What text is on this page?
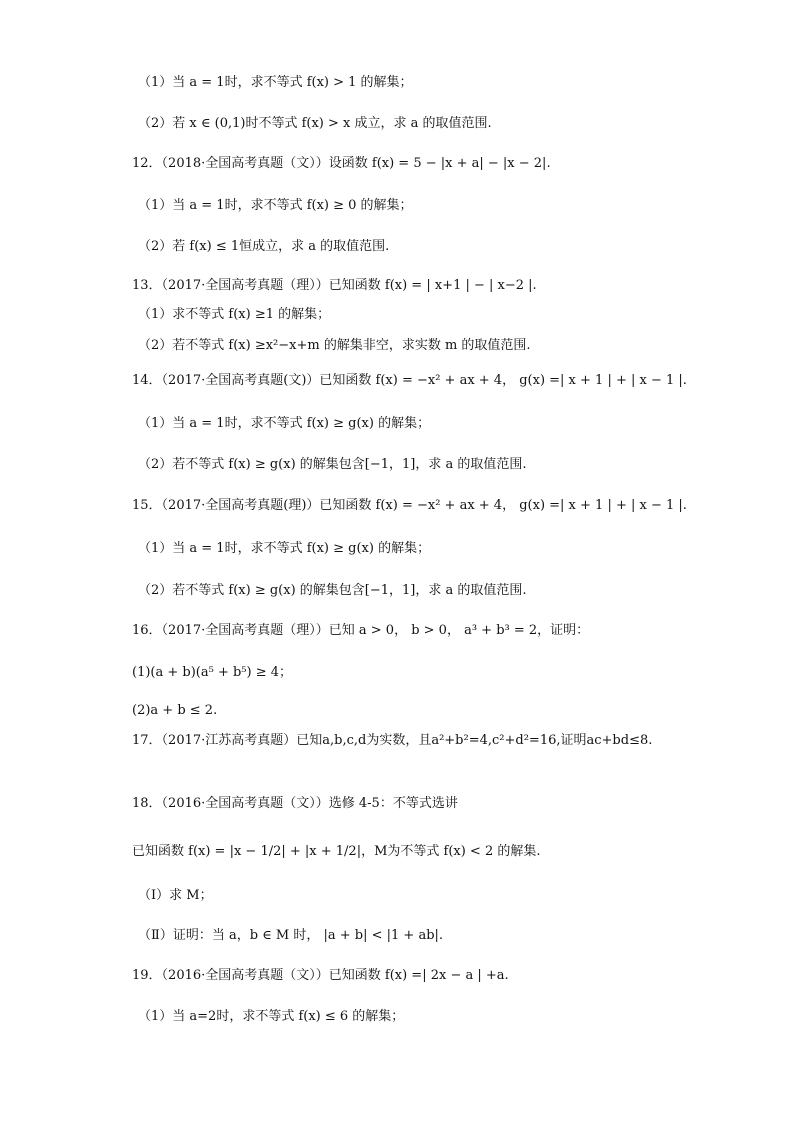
（1）当 a = 1时，求不等式 f(x) > 1 的解集；
（2）若 x ∈ (0,1)时不等式 f(x) > x 成立，求 a 的取值范围.
12．（2018·全国高考真题（文））设函数 f(x) = 5 − |x + a| − |x − 2|.
（1）当 a = 1时，求不等式 f(x) ≥ 0 的解集；
（2）若 f(x) ≤ 1恒成立，求 a 的取值范围.
13．（2017·全国高考真题（理））已知函数 f(x) = | x+1 | − | x−2 |.
（1）求不等式 f(x) ≥1 的解集；
（2）若不等式 f(x) ≥x²−x+m 的解集非空，求实数 m 的取值范围.
14．（2017·全国高考真题(文)）已知函数 f(x) = −x² + ax + 4， g(x) =| x + 1 | + | x − 1 |.
（1）当 a = 1时，求不等式 f(x) ≥ g(x) 的解集；
（2）若不等式 f(x) ≥ g(x) 的解集包含[−1，1]，求 a 的取值范围.
15．（2017·全国高考真题(理)）已知函数 f(x) = −x² + ax + 4， g(x) =| x + 1 | + | x − 1 |.
（1）当 a = 1时，求不等式 f(x) ≥ g(x) 的解集；
（2）若不等式 f(x) ≥ g(x) 的解集包含[−1，1]，求 a 的取值范围.
16．（2017·全国高考真题（理））已知 a > 0， b > 0， a³ + b³ = 2，证明：
(1)(a + b)(a⁵ + b⁵) ≥ 4；
(2)a + b ≤ 2.
17．（2017·江苏高考真题）已知a,b,c,d为实数，且a²+b²=4,c²+d²=16,证明ac+bd≤8.
18．（2016·全国高考真题（文））选修 4-5：不等式选讲
已知函数 f(x) = |x − 1/2| + |x + 1/2|，M为不等式 f(x) < 2 的解集.
（Ⅰ）求 M；
（Ⅱ）证明：当 a，b ∈ M 时， |a + b| < |1 + ab|.
19．（2016·全国高考真题（文））已知函数 f(x) =| 2x − a | +a.
（1）当 a=2时，求不等式 f(x) ≤ 6 的解集；
